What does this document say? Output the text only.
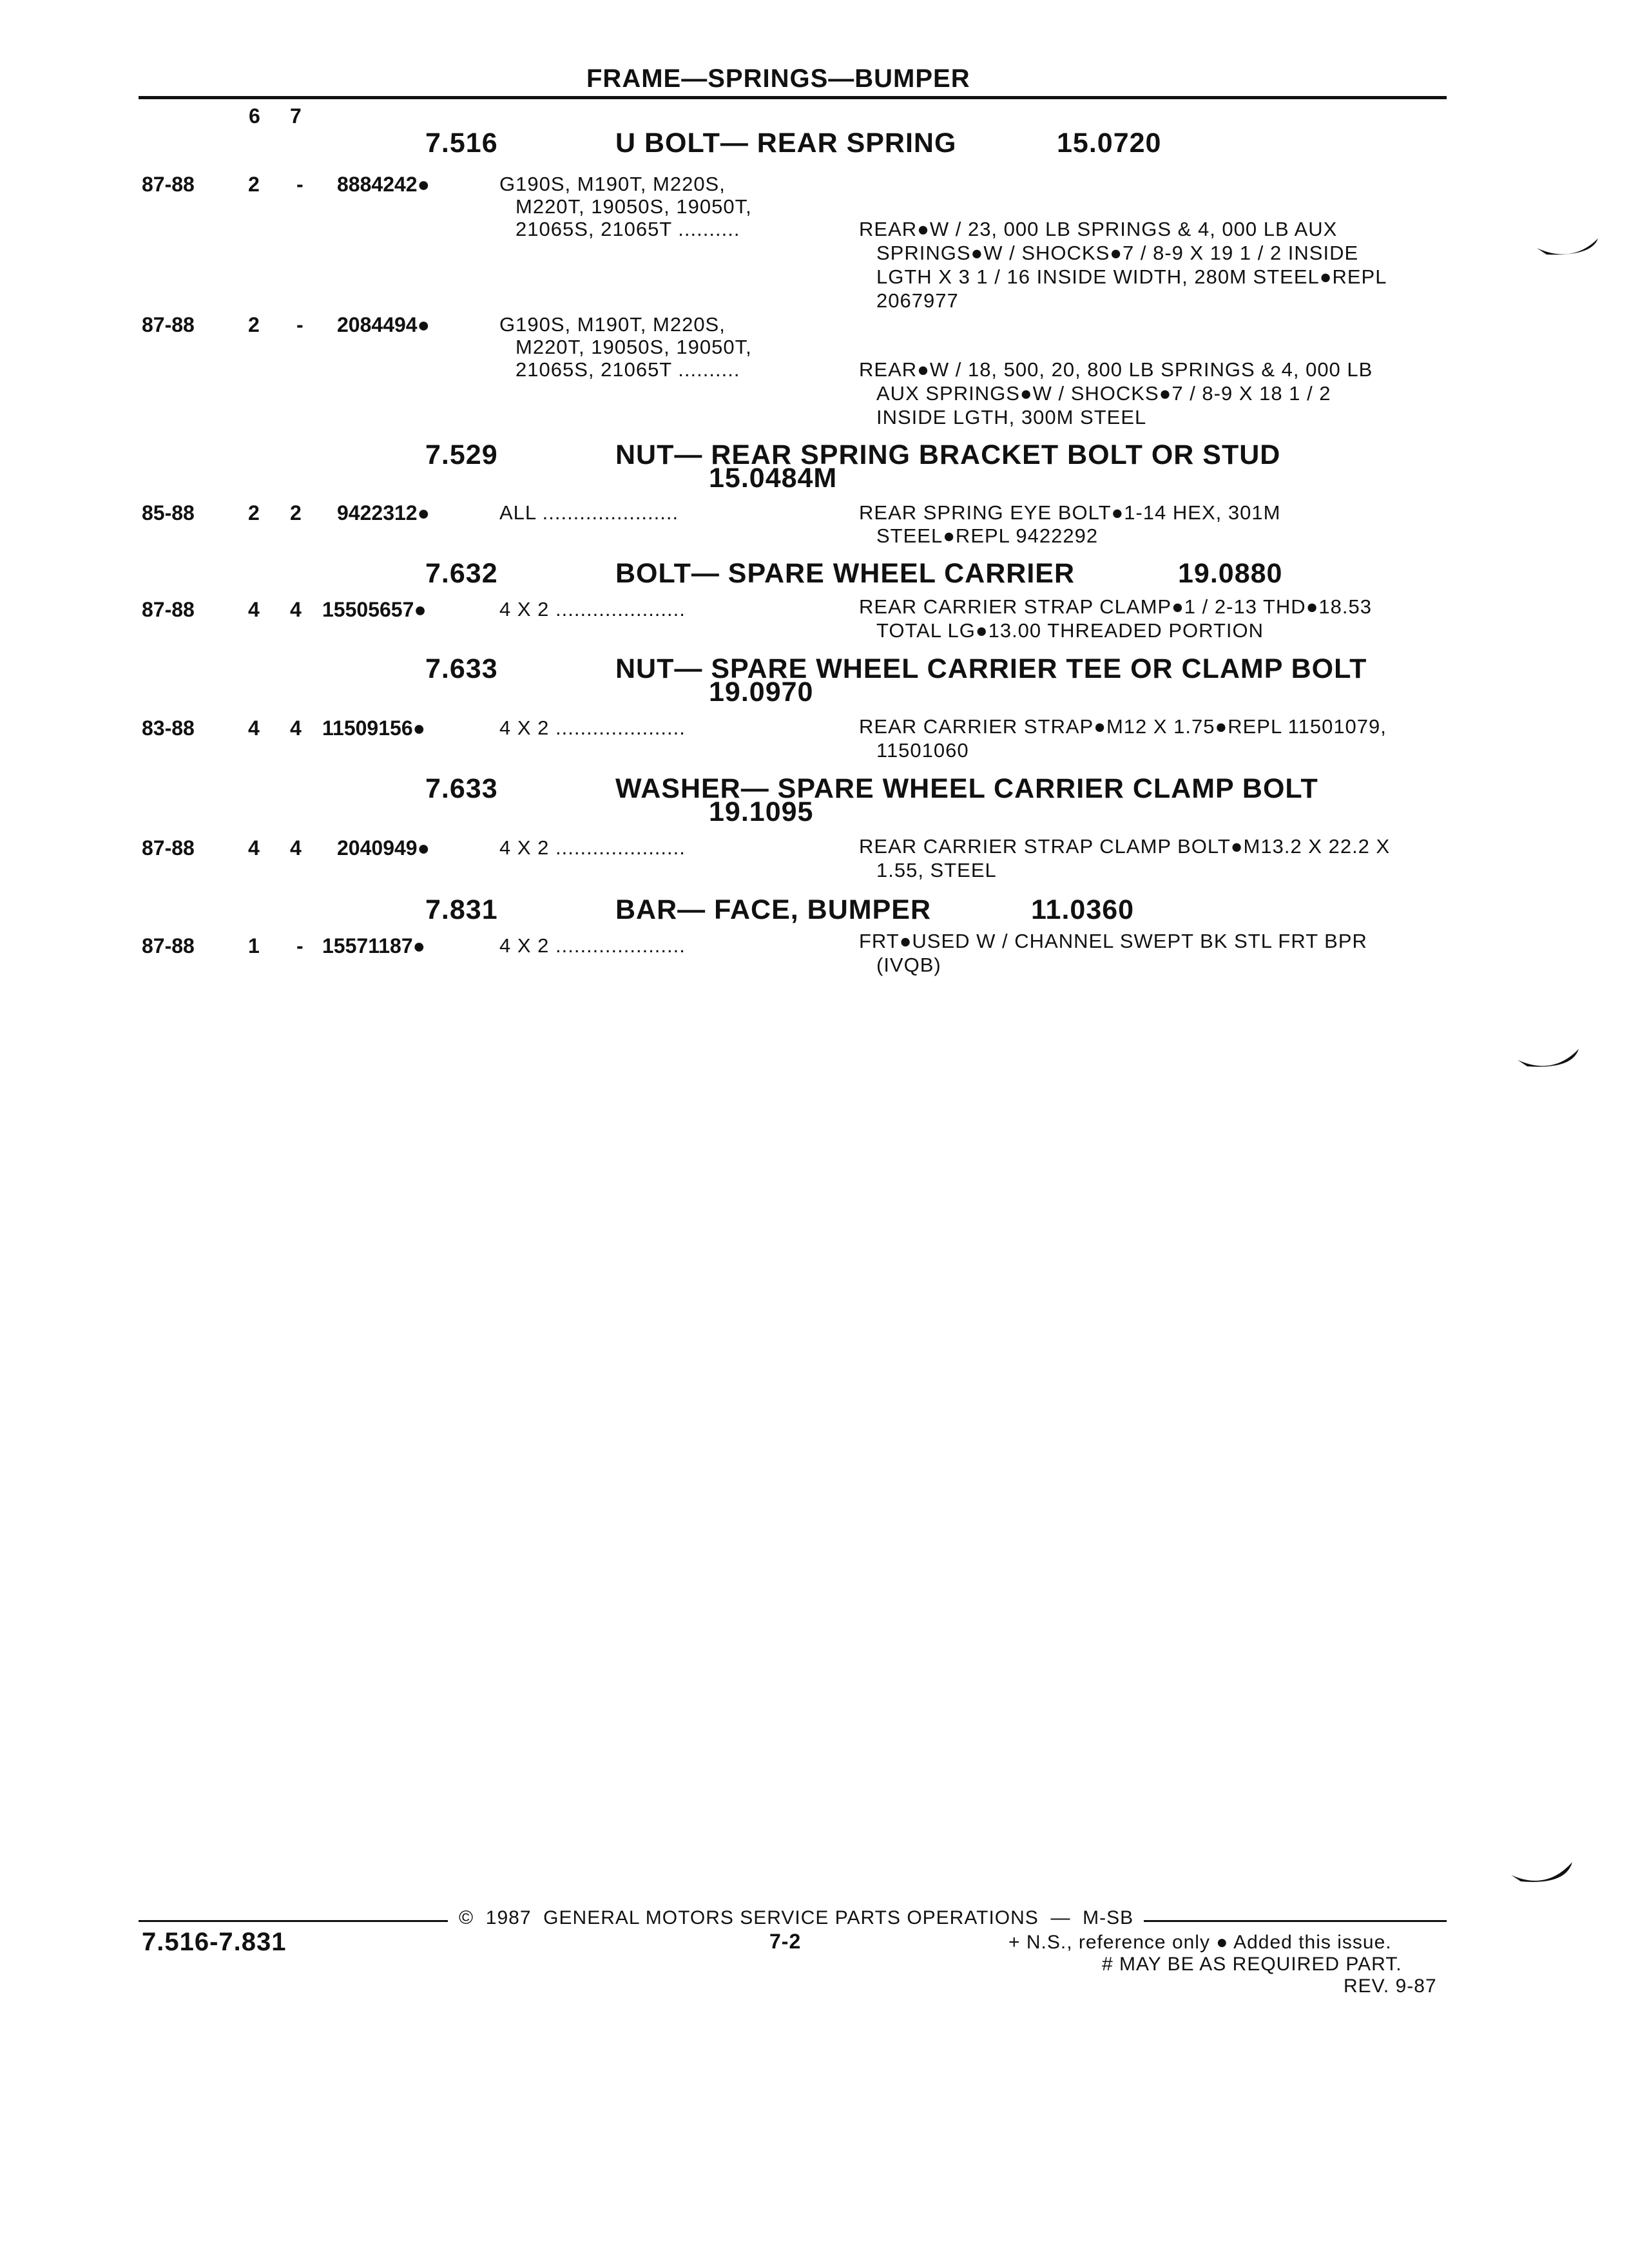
FRAME—SPRINGS—BUMPER
6 7
7.516	U BOLT— REAR SPRING	15.0720
87-88	2 - 8884242●	G190S, M190T, M220S,
M220T, 19050S, 19050T,
21065S, 21065T ..........	REAR●W / 23, 000 LB SPRINGS & 4, 000 LB AUX
SPRINGS●W / SHOCKS●7 / 8-9 X 19 1 / 2 INSIDE
LGTH X 3 1 / 16 INSIDE WIDTH, 280M STEEL●REPL
2067977
87-88	2 - 2084494●	G190S, M190T, M220S,
M220T, 19050S, 19050T,
21065S, 21065T ..........	REAR●W / 18, 500, 20, 800 LB SPRINGS & 4, 000 LB
AUX SPRINGS●W / SHOCKS●7 / 8-9 X 18 1 / 2
INSIDE LGTH, 300M STEEL
7.529	NUT— REAR SPRING BRACKET BOLT OR STUD
15.0484M
85-88	2 2 9422312●	ALL ......................	REAR SPRING EYE BOLT●1-14 HEX, 301M
STEEL●REPL 9422292
7.632	BOLT— SPARE WHEEL CARRIER	19.0880
87-88	4 4 15505657●	4 X 2 .....................	REAR CARRIER STRAP CLAMP●1 / 2-13 THD●18.53
TOTAL LG●13.00 THREADED PORTION
7.633	NUT— SPARE WHEEL CARRIER TEE OR CLAMP BOLT
19.0970
83-88	4 4 11509156●	4 X 2 .....................	REAR CARRIER STRAP●M12 X 1.75●REPL 11501079,
11501060
7.633	WASHER— SPARE WHEEL CARRIER CLAMP BOLT
19.1095
87-88	4 4 2040949●	4 X 2 .....................	REAR CARRIER STRAP CLAMP BOLT●M13.2 X 22.2 X
1.55, STEEL
7.831	BAR— FACE, BUMPER	11.0360
87-88	1 - 15571187●	4 X 2 .....................	FRT●USED W / CHANNEL SWEPT BK STL FRT BPR
(IVQB)
©  1987  GENERAL MOTORS SERVICE PARTS OPERATIONS  —  M-SB
7.516-7.831	7-2	+ N.S., reference only ● Added this issue.
# MAY BE AS REQUIRED PART.
REV. 9-87
